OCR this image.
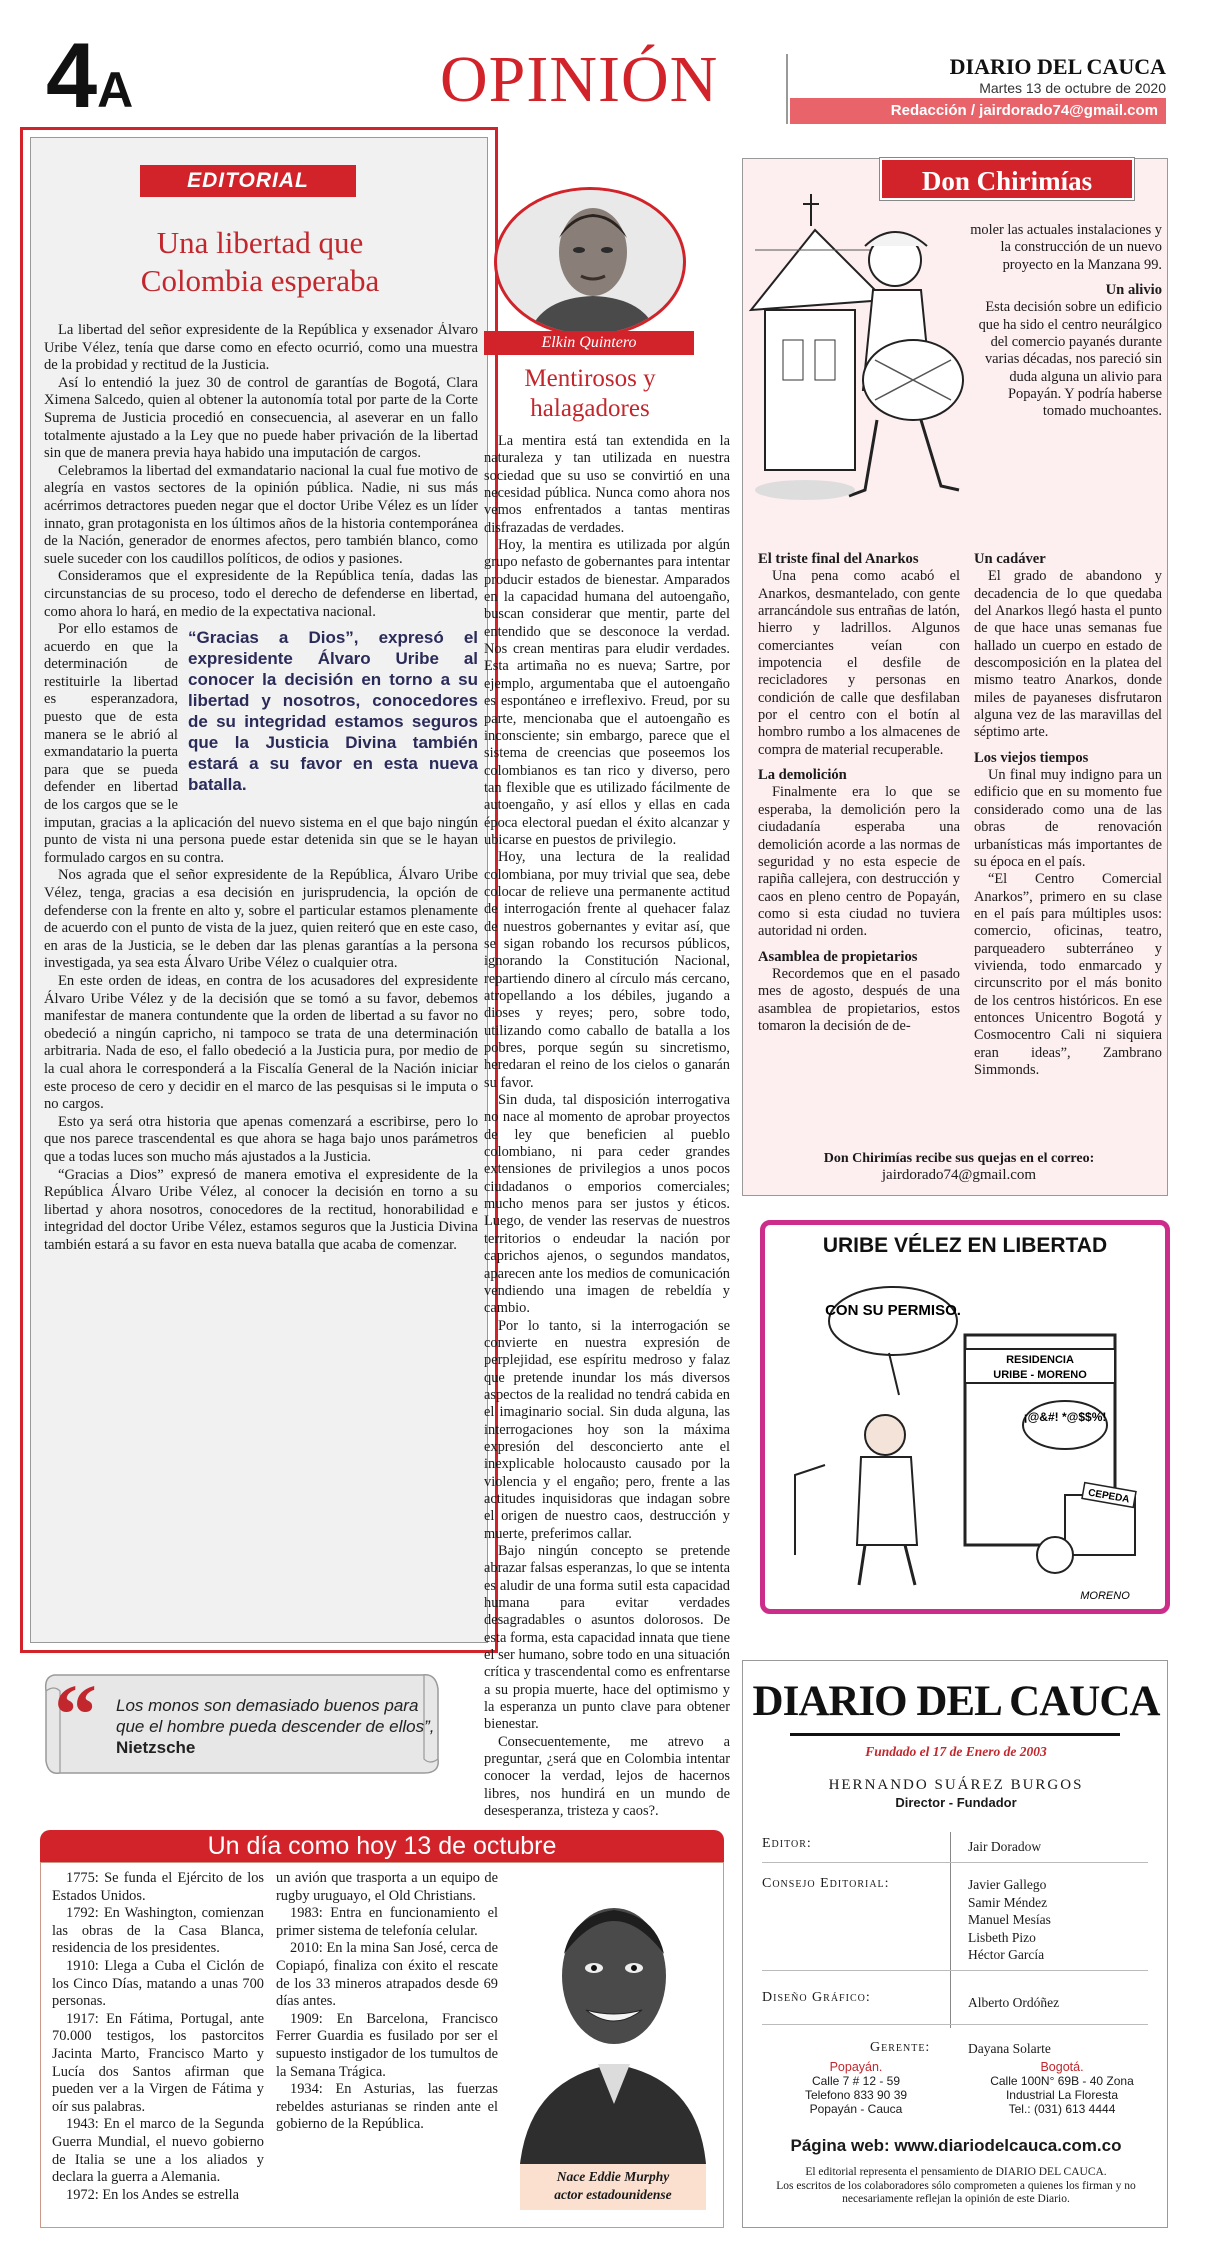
4A	OPINIÓN	DIARIO DEL CAUCA
Martes 13 de octubre de 2020
Redacción / jairdorado74@gmail.com
EDITORIAL
Una libertad que
Colombia esperaba

La libertad del señor expresidente de la República y exsenador Álvaro Uribe Vélez, tenía que darse como en efecto ocurrió, como una muestra de la probidad y rectitud de la Justicia.

Así lo entendió la juez 30 de control de garantías de Bogotá, Clara Ximena Salcedo, quien al obtener la autonomía total por parte de la Corte Suprema de Justicia procedió en consecuencia, al aseverar en un fallo totalmente ajustado a la Ley que no puede haber privación de la libertad sin que de manera previa haya habido una imputación de cargos.

Celebramos la libertad del exmandatario nacional la cual fue motivo de alegría en vastos sectores de la opinión pública. Nadie, ni sus más acérrimos detractores pueden negar que el doctor Uribe Vélez es un líder innato, gran protagonista en los últimos años de la historia contemporánea de la Nación, generador de enormes afectos, pero también blanco, como suele suceder con los caudillos políticos, de odios y pasiones.

Consideramos que el expresidente de la República tenía, dadas las circunstancias de su proceso, todo el derecho de defenderse en libertad, como ahora lo hará, en medio de la expectativa nacional.

“Gracias a Dios”, expresó el expresidente Álvaro Uribe al conocer la decisión en torno a su libertad y nosotros, conocedores de su integridad estamos seguros que la Justicia Divina también estará a su favor en esta nueva batalla.

Por ello estamos de acuerdo en que la determinación de restituirle la libertad es esperanzadora, puesto que de esta manera se le abrió al exmandatario la puerta para que se pueda defender en libertad de los cargos que se le imputan, gracias a la aplicación del nuevo sistema en el que bajo ningún punto de vista ni una persona puede estar detenida sin que se le hayan formulado cargos en su contra.

Nos agrada que el señor expresidente de la República, Álvaro Uribe Vélez, tenga, gracias a esa decisión en jurisprudencia, la opción de defenderse con la frente en alto y, sobre el particular estamos plenamente de acuerdo con el punto de vista de la juez, quien reiteró que en este caso, en aras de la Justicia, se le deben dar las plenas garantías a la persona investigada, ya sea esta Álvaro Uribe Vélez o cualquier otra.

En este orden de ideas, en contra de los acusadores del expresidente Álvaro Uribe Vélez y de la decisión que se tomó a su favor, debemos manifestar de manera contundente que la orden de libertad a su favor no obedeció a ningún capricho, ni tampoco se trata de una determinación arbitraria. Nada de eso, el fallo obedeció a la Justicia pura, por medio de la cual ahora le corresponderá a la Fiscalía General de la Nación iniciar este proceso de cero y decidir en el marco de las pesquisas si le imputa o no cargos.

Esto ya será otra historia que apenas comenzará a escribirse, pero lo que nos parece trascendental es que ahora se haga bajo unos parámetros que a todas luces son mucho más ajustados a la Justicia.

“Gracias a Dios” expresó de manera emotiva el expresidente de la República Álvaro Uribe Vélez, al conocer la decisión en torno a su libertad y ahora nosotros, conocedores de la rectitud, honorabilidad e integridad del doctor Uribe Vélez, estamos seguros que la Justicia Divina también estará a su favor en esta nueva batalla que acaba de comenzar.

Elkin Quintero
Mentirosos y
halagadores

La mentira está tan extendida en la naturaleza y tan utilizada en nuestra sociedad que su uso se convirtió en una necesidad pública. Nunca como ahora nos vemos enfrentados a tantas mentiras disfrazadas de verdades.

Hoy, la mentira es utilizada por algún grupo nefasto de gobernantes para intentar producir estados de bienestar. Amparados en la capacidad humana del autoengaño, buscan considerar que mentir, parte del entendido que se desconoce la verdad. Nos crean mentiras para eludir verdades. Esta artimaña no es nueva; Sartre, por ejemplo, argumentaba que el autoengaño es espontáneo e irreflexivo. Freud, por su parte, mencionaba que el autoengaño es inconsciente; sin embargo, parece que el sistema de creencias que poseemos los colombianos es tan rico y diverso, pero tan flexible que es utilizado fácilmente de autoengaño, y así ellos y ellas en cada época electoral puedan el éxito alcanzar y ubicarse en puestos de privilegio.

Hoy, una lectura de la realidad colombiana, por muy trivial que sea, debe colocar de relieve una permanente actitud de interrogación frente al quehacer falaz de nuestros gobernantes y evitar así, que se sigan robando los recursos públicos, ignorando la Constitución Nacional, repartiendo dinero al círculo más cercano, atropellando a los débiles, jugando a dioses y reyes; pero, sobre todo, utilizando como caballo de batalla a los pobres, porque según su sincretismo, heredaran el reino de los cielos o ganarán su favor.

Sin duda, tal disposición interrogativa no nace al momento de aprobar proyectos de ley que beneficien al pueblo colombiano, ni para ceder grandes extensiones de privilegios a unos pocos ciudadanos o emporios comerciales; mucho menos para ser justos y éticos. Luego, de vender las reservas de nuestros territorios o endeudar la nación por caprichos ajenos, o segundos mandatos, aparecen ante los medios de comunicación vendiendo una imagen de rebeldía y cambio.

Por lo tanto, si la interrogación se convierte en nuestra expresión de perplejidad, ese espíritu medroso y falaz que pretende inundar los más diversos aspectos de la realidad no tendrá cabida en el imaginario social. Sin duda alguna, las interrogaciones hoy son la máxima expresión del desconcierto ante el inexplicable holocausto causado por la violencia y el engaño; pero, frente a las actitudes inquisidoras que indagan sobre el origen de nuestro caos, destrucción y muerte, preferimos callar.

Bajo ningún concepto se pretende abrazar falsas esperanzas, lo que se intenta es aludir de una forma sutil esta capacidad humana para evitar verdades desagradables o asuntos dolorosos. De esta forma, esta capacidad innata que tiene el ser humano, sobre todo en una situación crítica y trascendental como es enfrentarse a su propia muerte, hace del optimismo y la esperanza un punto clave para obtener bienestar.

Consecuentemente, me atrevo a preguntar, ¿será que en Colombia intentar conocer la verdad, lejos de hacernos libres, nos hundirá en un mundo de desesperanza, tristeza y caos?.

Don Chirimías

moler las actuales instalaciones y la construcción de un nuevo proyecto en la Manzana 99.

Un alivio

Esta decisión sobre un edificio que ha sido el centro neurálgico del comercio payanés durante varias décadas, nos pareció sin duda alguna un alivio para Popayán. Y podría haberse tomado muchoantes.

El triste final del Anarkos

Una pena como acabó el Anarkos, desmantelado, con gente arrancándole sus entrañas de latón, hierro y ladrillos. Algunos comerciantes veían con impotencia el desfile de recicladores y personas en condición de calle que desfilaban por el centro con el botín al hombro rumbo a los almacenes de compra de material recuperable.

La demolición

Finalmente era lo que se esperaba, la demolición pero la ciudadanía esperaba una demolición acorde a las normas de seguridad y no esta especie de rapiña callejera, con destrucción y caos en pleno centro de Popayán, como si esta ciudad no tuviera autoridad ni orden.

Asamblea de propietarios

Recordemos que en el pasado mes de agosto, después de una asamblea de propietarios, estos tomaron la decisión de de-

Un cadáver

El grado de abandono y decadencia de lo que quedaba del Anarkos llegó hasta el punto de que hace unas semanas fue hallado un cuerpo en estado de descomposición en la platea del mismo teatro Anarkos, donde miles de payaneses disfrutaron alguna vez de las maravillas del séptimo arte.

Los viejos tiempos

Un final muy indigno para un edificio que en su momento fue considerado como una de las obras de renovación urbanísticas más importantes de su época en el país.

“El Centro Comercial Anarkos”, primero en su clase en el país para múltiples usos: comercio, oficinas, teatro, parqueadero subterráneo y vivienda, todo enmarcado y circunscrito por el más bonito de los centros históricos. En ese entonces Unicentro Bogotá y Cosmocentro Cali ni siquiera eran ideas”, Zambrano Simmonds.

Don Chirimías recibe sus quejas en el correo:
jairdorado74@gmail.com
CON SU PERMISO.
RESIDENCIA
URIBE - MORENO
¡@&#! *@$$%!
CEPEDA
MORENO
URIBE VÉLEZ EN LIBERTAD
“ Los monos son demasiado buenos para que el hombre pueda descender de ellos”, Nietzsche
Un día como hoy 13 de octubre

1775: Se funda el Ejército de los Estados Unidos.

1792: En Washington, comienzan las obras de la Casa Blanca, residencia de los presidentes.

1910: Llega a Cuba el Ciclón de los Cinco Días, matando a unas 700 personas.

1917: En Fátima, Portugal, ante 70.000 testigos, los pastorcitos Jacinta Marto, Francisco Marto y Lucía dos Santos afirman que pueden ver a la Virgen de Fátima y oír sus palabras.

1943: En el marco de la Segunda Guerra Mundial, el nuevo gobierno de Italia se une a los aliados y declara la guerra a Alemania.

1972: En los Andes se estrella

un avión que trasporta a un equipo de rugby uruguayo, el Old Christians.

1983: Entra en funcionamiento el primer sistema de telefonía celular.

2010: En la mina San José, cerca de Copiapó, finaliza con éxito el rescate de los 33 mineros atrapados desde 69 días antes.

1909: En Barcelona, Francisco Ferrer Guardia es fusilado por ser el supuesto instigador de los tumultos de la Semana Trágica.

1934: En Asturias, las fuerzas rebeldes asturianas se rinden ante el gobierno de la República.

Nace Eddie Murphy
actor estadounidense
DIARIO DEL CAUCA
Fundado el 17 de Enero de 2003
HERNANDO SUÁREZ BURGOS
Director - Fundador
Editor:	Jair Doradow
Consejo Editorial:	Javier Gallego
Samir Méndez
Manuel Mesías
Lisbeth Pizo
Héctor García
Diseño Gráfico:	Alberto Ordóñez
Gerente:	Dayana Solarte
Popayán.
Calle 7 # 12 - 59
Telefono 833 90 39
Popayán - Cauca
Bogotá.
Calle 100N° 69B - 40 Zona
Industrial La Floresta
Tel.: (031) 613 4444
Página web: www.diariodelcauca.com.co
El editorial representa el pensamiento de DIARIO DEL CAUCA.
Los escritos de los colaboradores sólo comprometen a quienes los firman y no necesariamente reflejan la opinión de este Diario.
